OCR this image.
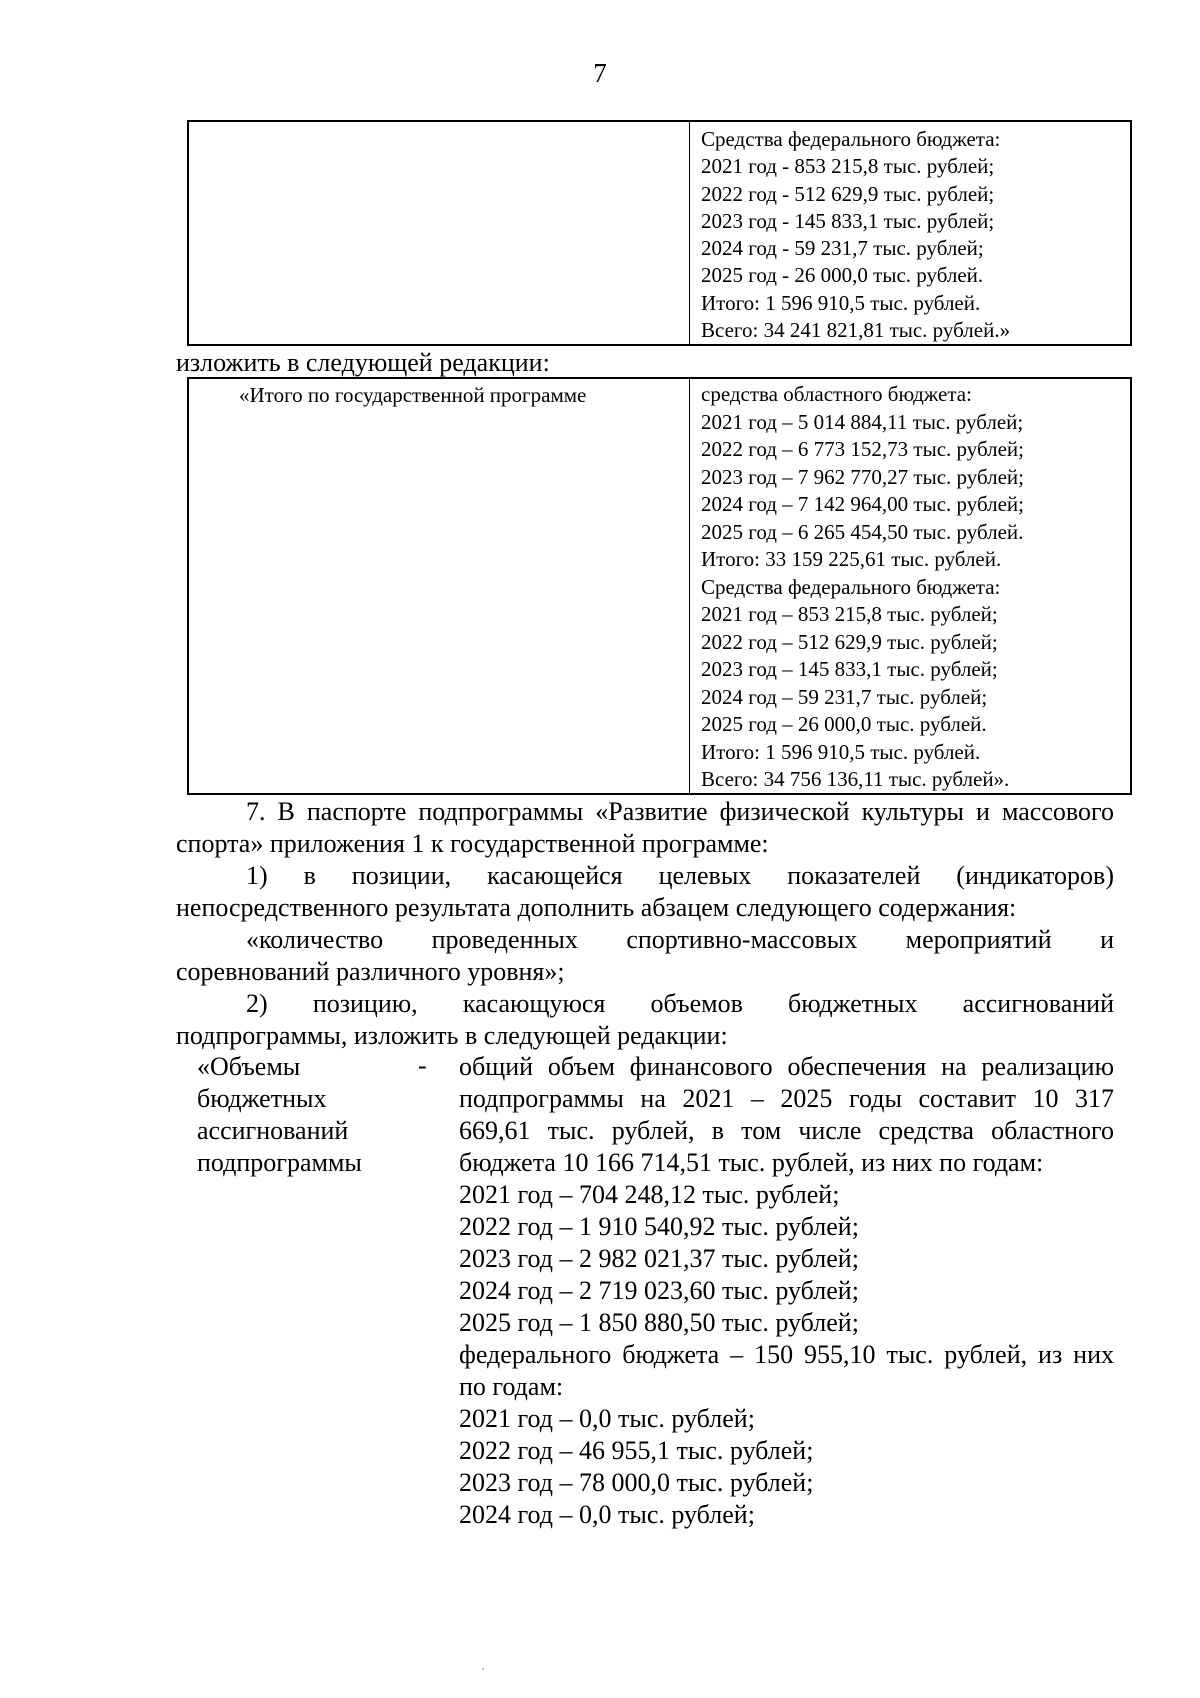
7
Средства федерального бюджета:
2021 год - 853 215,8 тыс. рублей;
2022 год - 512 629,9 тыс. рублей;
2023 год - 145 833,1 тыс. рублей;
2024 год - 59 231,7 тыс. рублей;
2025 год - 26 000,0 тыс. рублей.
Итого: 1 596 910,5 тыс. рублей.
Всего: 34 241 821,81 тыс. рублей.»
изложить в следующей редакции:
«Итого по государственной программе	средства областного бюджета:
2021 год – 5 014 884,11 тыс. рублей;
2022 год – 6 773 152,73 тыс. рублей;
2023 год – 7 962 770,27 тыс. рублей;
2024 год – 7 142 964,00 тыс. рублей;
2025 год – 6 265 454,50 тыс. рублей.
Итого: 33 159 225,61 тыс. рублей.
Средства федерального бюджета:
2021 год – 853 215,8 тыс. рублей;
2022 год – 512 629,9 тыс. рублей;
2023 год – 145 833,1 тыс. рублей;
2024 год – 59 231,7 тыс. рублей;
2025 год – 26 000,0 тыс. рублей.
Итого: 1 596 910,5 тыс. рублей.
Всего: 34 756 136,11 тыс. рублей».
7. В паспорте подпрограммы «Развитие физической культуры и массового
спорта» приложения 1 к государственной программе:
1) в позиции, касающейся целевых показателей (индикаторов)
непосредственного результата дополнить абзацем следующего содержания:
«количество проведенных спортивно-массовых мероприятий и
соревнований различного уровня»;
2) позицию, касающуюся объемов бюджетных ассигнований
подпрограммы, изложить в следующей редакции:
«Объемы
бюджетных
ассигнований
подпрограммы
- общий объем финансового обеспечения на реализацию
подпрограммы на 2021 – 2025 годы составит 10 317
669,61 тыс. рублей, в том числе средства областного
бюджета 10 166 714,51 тыс. рублей, из них по годам:
2021 год – 704 248,12 тыс. рублей;
2022 год – 1 910 540,92 тыс. рублей;
2023 год – 2 982 021,37 тыс. рублей;
2024 год – 2 719 023,60 тыс. рублей;
2025 год – 1 850 880,50 тыс. рублей;
федерального бюджета – 150 955,10 тыс. рублей, из них
по годам:
2021 год – 0,0 тыс. рублей;
2022 год – 46 955,1 тыс. рублей;
2023 год – 78 000,0 тыс. рублей;
2024 год – 0,0 тыс. рублей;
